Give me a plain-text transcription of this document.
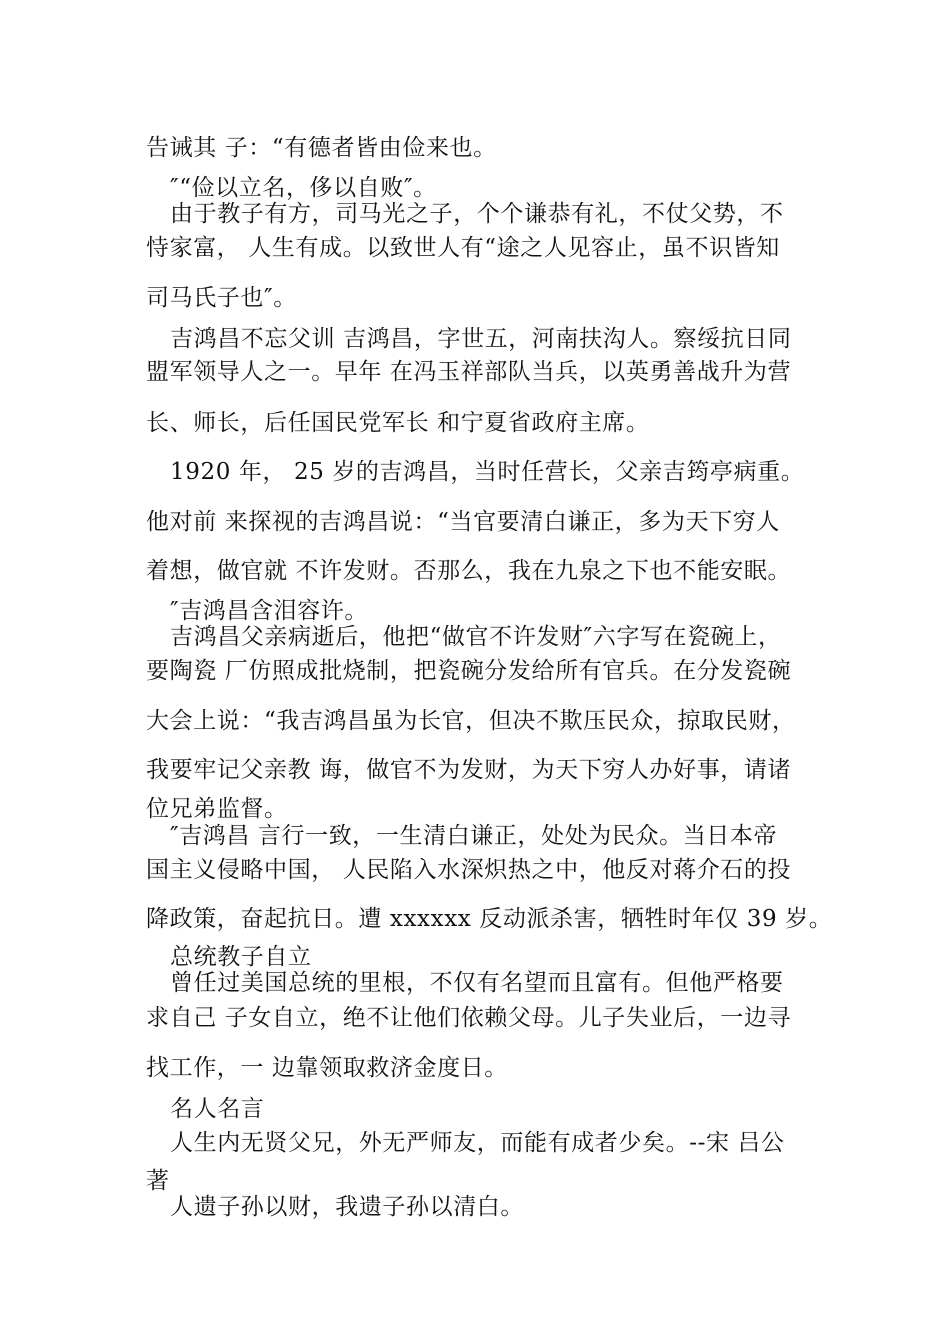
告诫其 子：“有德者皆由俭来也。
″“俭以立名，侈以自败″。
由于教子有方，司马光之子，个个谦恭有礼，不仗父势，不
恃家富， 人生有成。以致世人有“途之人见容止，虽不识皆知
司马氏子也″。
吉鸿昌不忘父训 吉鸿昌，字世五，河南扶沟人。察绥抗日同
盟军领导人之一。早年 在冯玉祥部队当兵，以英勇善战升为营
长、师长，后任国民党军长 和宁夏省政府主席。
1920 年， 25 岁的吉鸿昌，当时任营长，父亲吉筠亭病重。
他对前 来探视的吉鸿昌说：“当官要清白谦正，多为天下穷人
着想，做官就 不许发财。否那么，我在九泉之下也不能安眠。
″吉鸿昌含泪容许。
吉鸿昌父亲病逝后，他把“做官不许发财″六字写在瓷碗上，
要陶瓷 厂仿照成批烧制，把瓷碗分发给所有官兵。在分发瓷碗
大会上说：“我吉鸿昌虽为长官，但决不欺压民众，掠取民财，
我要牢记父亲教 诲，做官不为发财，为天下穷人办好事，请诸
位兄弟监督。
″吉鸿昌 言行一致，一生清白谦正，处处为民众。当日本帝
国主义侵略中国， 人民陷入水深炽热之中，他反对蒋介石的投
降政策，奋起抗日。遭 xxxxxx 反动派杀害，牺牲时年仅 39 岁。
总统教子自立
曾任过美国总统的里根，不仅有名望而且富有。但他严格要
求自己 子女自立，绝不让他们依赖父母。儿子失业后，一边寻
找工作，一 边靠领取救济金度日。
名人名言
人生内无贤父兄，外无严师友，而能有成者少矣。--宋 吕公
著
人遗子孙以财，我遗子孙以清白。
